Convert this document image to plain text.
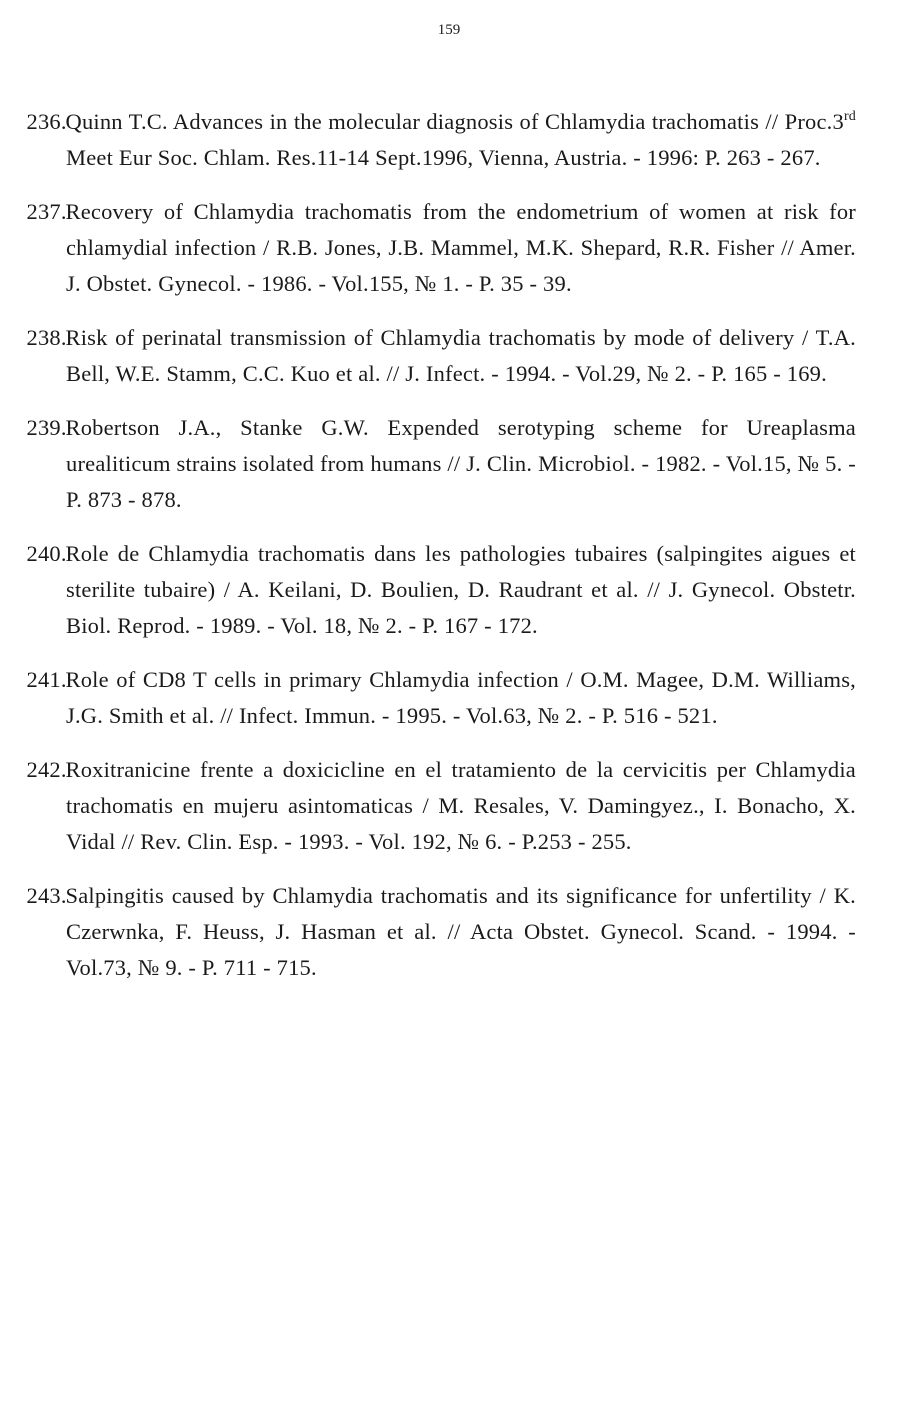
159
236.
Quinn T.C. Advances in the molecular diagnosis of Chlamydia trachomatis // Proc.3rd Meet Eur Soc. Chlam. Res.11-14 Sept.1996, Vienna, Austria. - 1996: P. 263 - 267.
237.
Recovery of Chlamydia trachomatis from the endometrium of women at risk for chlamydial infection / R.B. Jones, J.B. Mammel, M.K. Shepard, R.R. Fisher // Amer. J. Obstet. Gynecol. - 1986. - Vol.155, № 1. - P. 35 - 39.
238.
Risk of perinatal transmission of Chlamydia trachomatis by mode of delivery / T.A. Bell, W.E. Stamm, C.C. Kuo et al. // J. Infect. - 1994. - Vol.29, № 2. - P. 165 - 169.
239.
Robertson J.A., Stanke G.W. Expended serotyping scheme for Ureaplasma urealiticum strains isolated from humans // J. Clin. Microbiol. - 1982. - Vol.15, № 5. - P. 873 - 878.
240.
Role de Chlamydia trachomatis dans les pathologies tubaires (salpingites aigues et sterilite tubaire) / A. Keilani, D. Boulien, D. Raudrant et al. // J. Gynecol. Obstetr. Biol. Reprod. - 1989. - Vol. 18, № 2. - P. 167 - 172.
241.
Role of CD8 T cells in primary Chlamydia infection / O.M. Magee, D.M. Williams, J.G. Smith et al. // Infect. Immun. - 1995. - Vol.63, № 2. - P. 516 - 521.
242.
Roxitranicine frente a doxicicline en el tratamiento de la cervicitis per Chlamydia trachomatis en mujeru asintomaticas / M. Resales, V. Damingyez., I. Bonacho, X. Vidal // Rev. Clin. Esp. - 1993. - Vol. 192, № 6. - P.253 - 255.
243.
Salpingitis caused by Chlamydia trachomatis and its significance for unfertility / K. Czerwnka, F. Heuss, J. Hasman et al. // Acta Obstet. Gynecol. Scand. - 1994. - Vol.73, № 9. - P. 711 - 715.
